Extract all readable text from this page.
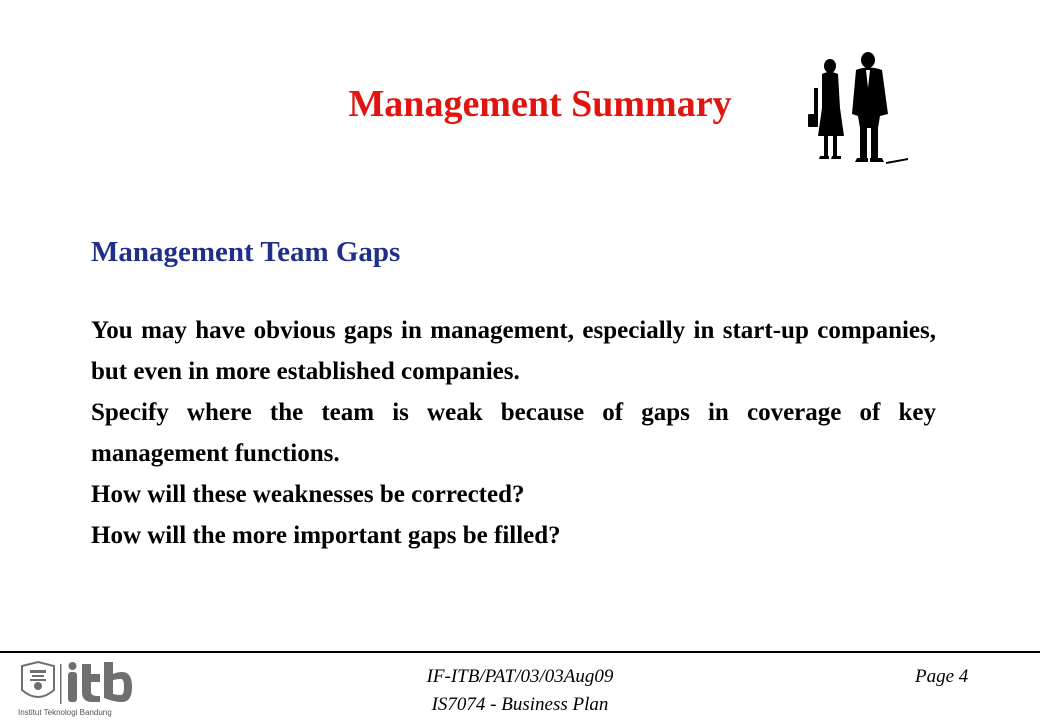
Management Summary
Management Team Gaps

You may have obvious gaps in management, especially in start-up companies, but even in more established companies.

Specify where the team is weak because of gaps in coverage of key management functions.

How will these weaknesses be corrected?

How will the more important gaps be filled?

Institut Teknologi Bandung
IF-ITB/PAT/03/03Aug09
IS7074 - Business Plan
Page 4
